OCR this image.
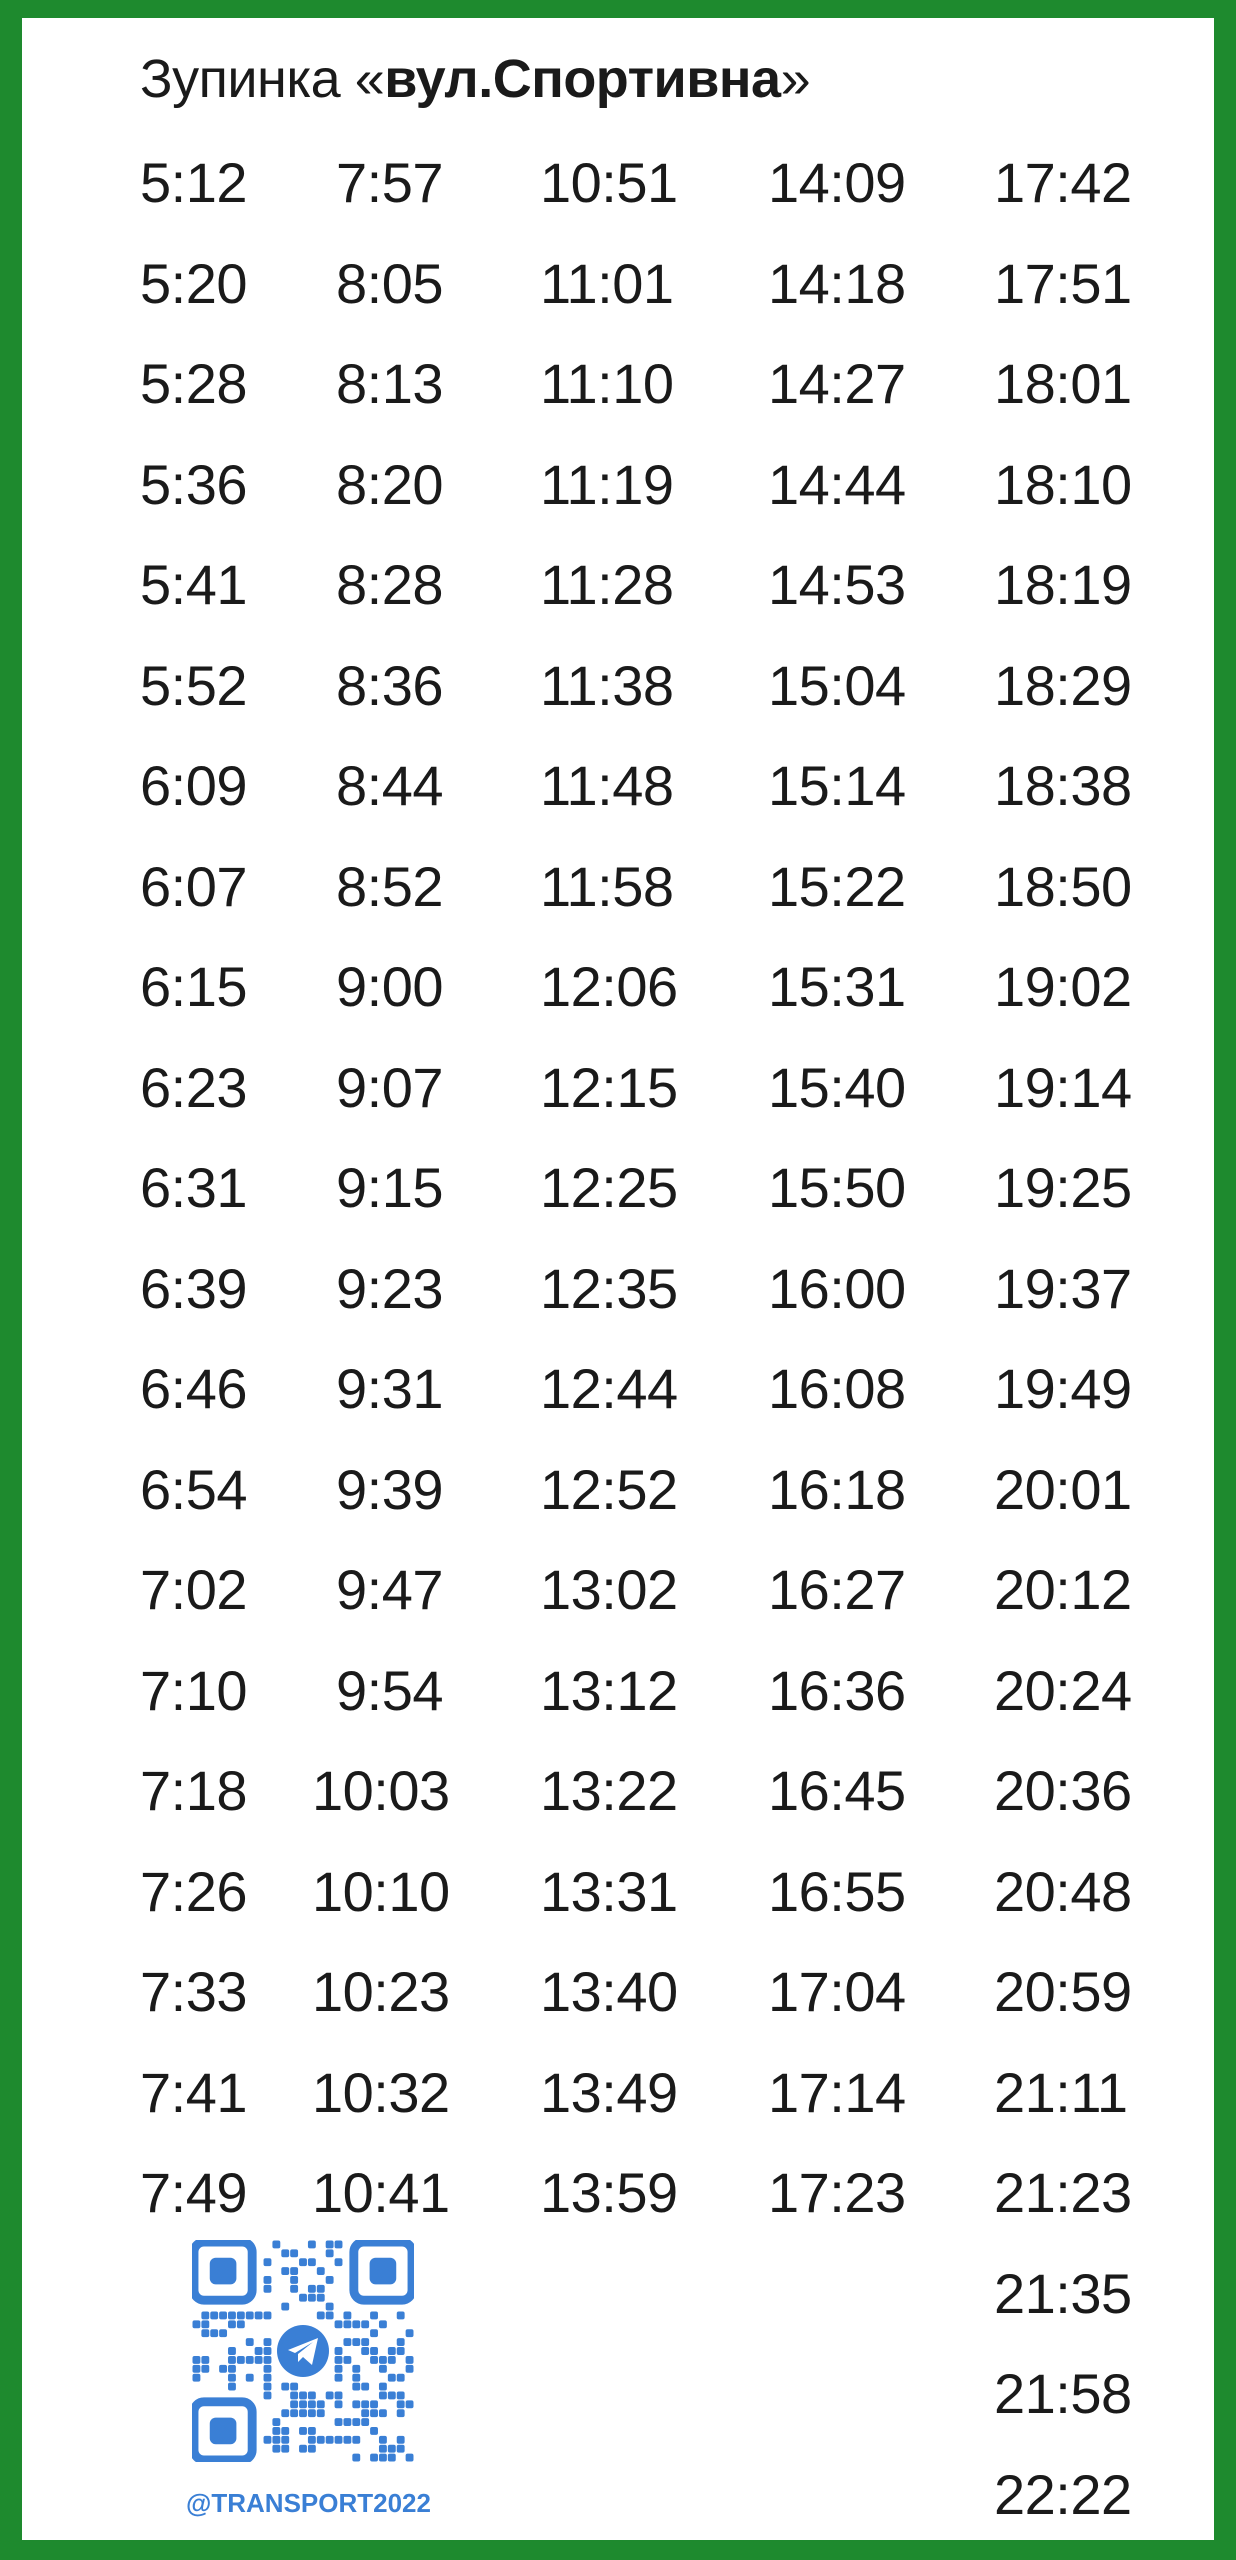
Зупинка «вул.Спортивна»
5:12
5:20
5:28
5:36
5:41
5:52
6:09
6:07
6:15
6:23
6:31
6:39
6:46
6:54
7:02
7:10
7:18
7:26
7:33
7:41
7:49
7:57
8:05
8:13
8:20
8:28
8:36
8:44
8:52
9:00
9:07
9:15
9:23
9:31
9:39
9:47
9:54
10:03
10:10
10:23
10:32
10:41
10:51
11:01
11:10
11:19
11:28
11:38
11:48
11:58
12:06
12:15
12:25
12:35
12:44
12:52
13:02
13:12
13:22
13:31
13:40
13:49
13:59
14:09
14:18
14:27
14:44
14:53
15:04
15:14
15:22
15:31
15:40
15:50
16:00
16:08
16:18
16:27
16:36
16:45
16:55
17:04
17:14
17:23
17:42
17:51
18:01
18:10
18:19
18:29
18:38
18:50
19:02
19:14
19:25
19:37
19:49
20:01
20:12
20:24
20:36
20:48
20:59
21:11
21:23
21:35
21:58
22:22
@TRANSPORT2022
